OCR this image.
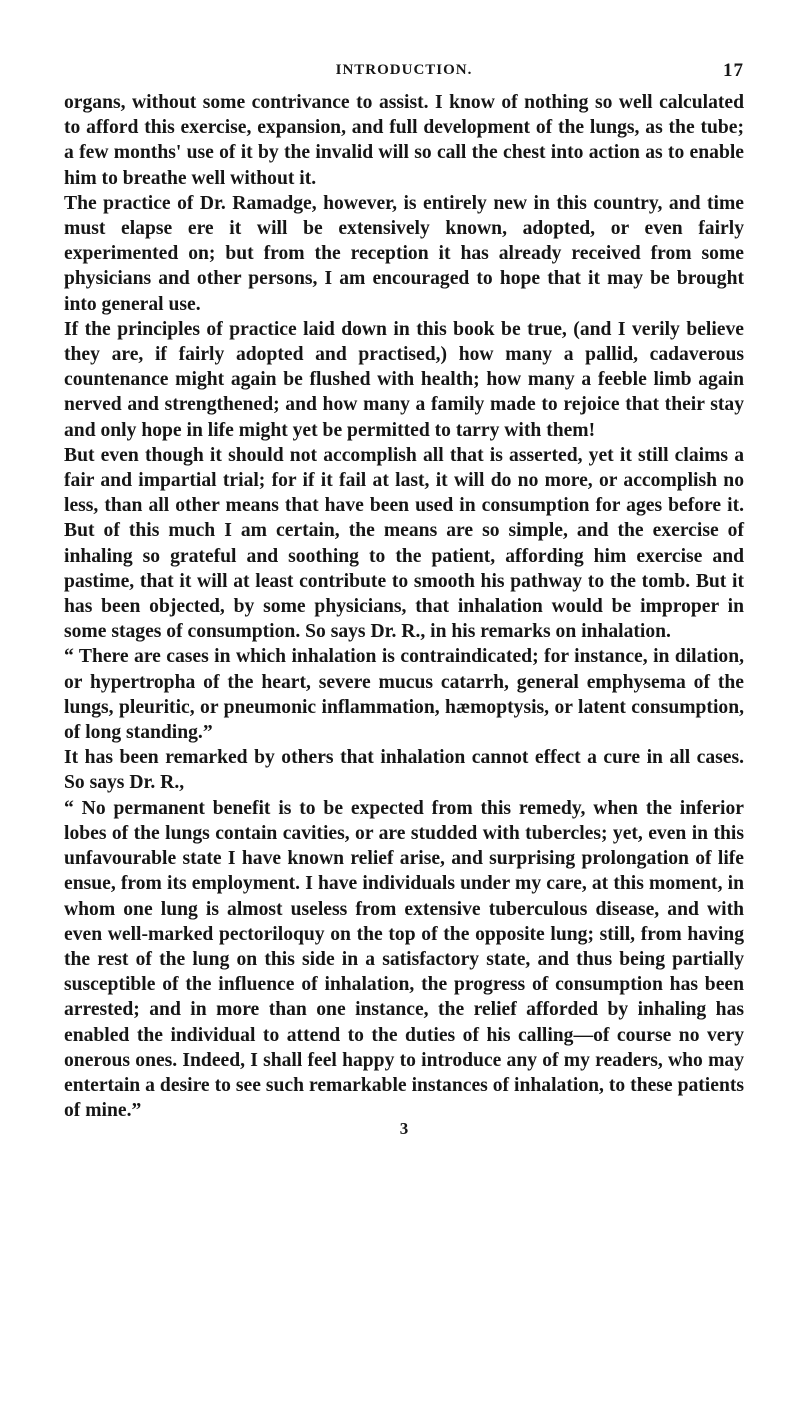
INTRODUCTION.	17

organs, without some contrivance to assist. I know of nothing so well calculated to afford this exercise, expansion, and full development of the lungs, as the tube; a few months' use of it by the invalid will so call the chest into action as to enable him to breathe well without it.

The practice of Dr. Ramadge, however, is entirely new in this country, and time must elapse ere it will be extensively known, adopted, or even fairly experimented on; but from the reception it has already received from some physicians and other persons, I am encouraged to hope that it may be brought into general use.

If the principles of practice laid down in this book be true, (and I verily believe they are, if fairly adopted and practised,) how many a pallid, cadaverous countenance might again be flushed with health; how many a feeble limb again nerved and strengthened; and how many a family made to rejoice that their stay and only hope in life might yet be permitted to tarry with them!

But even though it should not accomplish all that is asserted, yet it still claims a fair and impartial trial; for if it fail at last, it will do no more, or accomplish no less, than all other means that have been used in consumption for ages before it. But of this much I am certain, the means are so simple, and the exercise of inhaling so grateful and soothing to the patient, affording him exercise and pastime, that it will at least contribute to smooth his pathway to the tomb. But it has been objected, by some physicians, that inhalation would be improper in some stages of consumption. So says Dr. R., in his remarks on inhalation.

“ There are cases in which inhalation is contraindicated; for instance, in dilation, or hypertropha of the heart, severe mucus catarrh, general emphysema of the lungs, pleuritic, or pneumonic inflammation, hæmoptysis, or latent consumption, of long standing.”

It has been remarked by others that inhalation cannot effect a cure in all cases. So says Dr. R.,

“ No permanent benefit is to be expected from this remedy, when the inferior lobes of the lungs contain cavities, or are studded with tubercles; yet, even in this unfavourable state I have known relief arise, and surprising prolongation of life ensue, from its employment. I have individuals under my care, at this moment, in whom one lung is almost useless from extensive tuberculous disease, and with even well-marked pectoriloquy on the top of the opposite lung; still, from having the rest of the lung on this side in a satisfactory state, and thus being partially susceptible of the influence of inhalation, the progress of consumption has been arrested; and in more than one instance, the relief afforded by inhaling has enabled the individual to attend to the duties of his calling—of course no very onerous ones. Indeed, I shall feel happy to introduce any of my readers, who may entertain a desire to see such remarkable instances of inhalation, to these patients of mine.”

3
